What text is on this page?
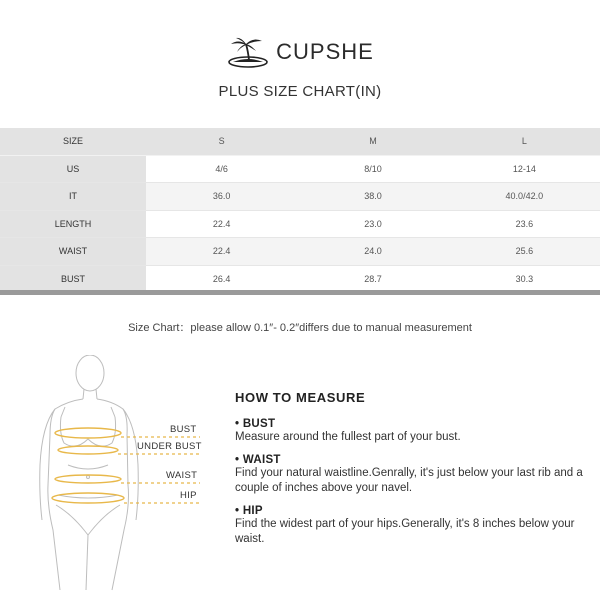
CUPSHE
PLUS SIZE CHART(IN)
SIZE	S	M	L
US	4/6	8/10	12-14
IT	36.0	38.0	40.0/42.0
LENGTH	22.4	23.0	23.6
WAIST	22.4	24.0	25.6
BUST	26.4	28.7	30.3
Size Chart：please allow 0.1″- 0.2″differs due to manual measurement
BUST
UNDER BUST
WAIST
HIP
HOW TO MEASURE
• BUST
Measure around the fullest part of your bust.
• WAIST
Find your natural waistline.Genrally, it's just below your last rib and a couple of inches above your navel.
• HIP
Find the widest part of your hips.Generally, it's 8 inches below your waist.
